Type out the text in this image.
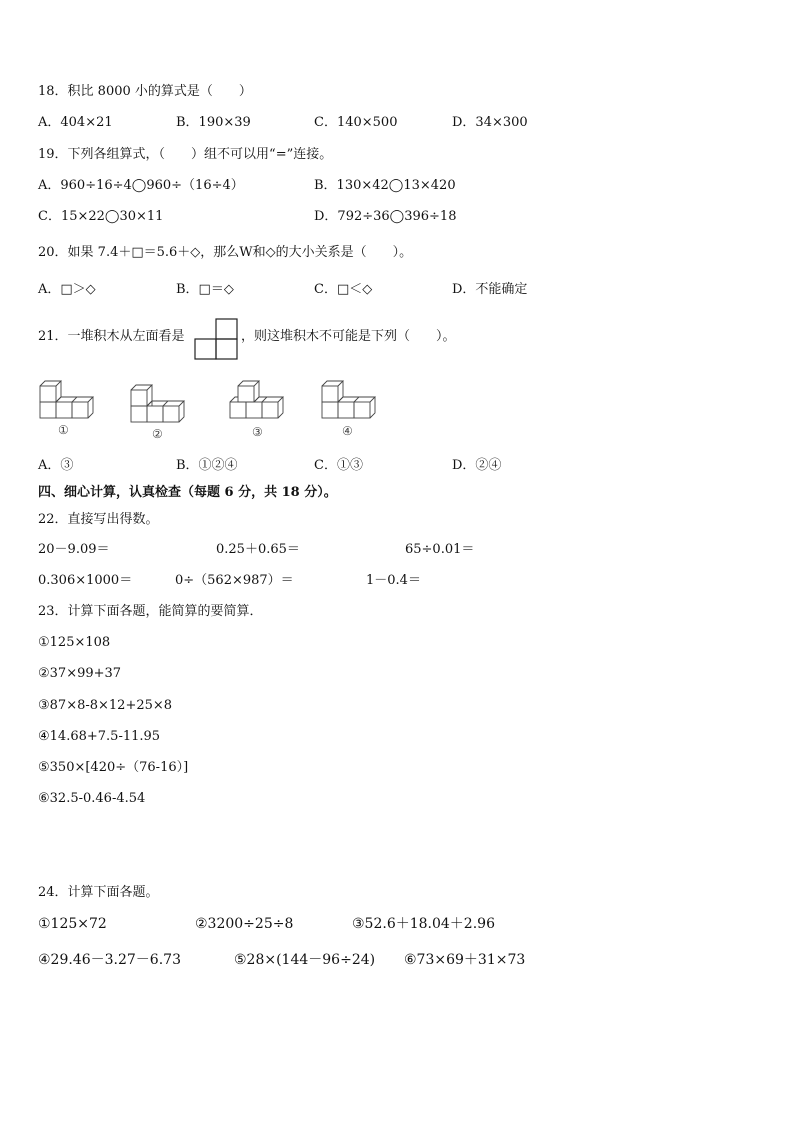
18．积比 8000 小的算式是（　　）
A．404×21	B．190×39	C．140×500	D．34×300
19．下列各组算式，（　　）组不可以用“=”连接。
A．960÷16÷4◯960÷（16÷4）	B．130×42◯13×420
C．15×22◯30×11	D．792÷36◯396÷18
20．如果 7.4＋□＝5.6＋◇，那么W和◇的大小关系是（　　）。
A．□＞◇	B．□＝◇	C．□＜◇	D．不能确定
21．一堆积木从左面看是	，则这堆积木不可能是下列（　　）。
①	②	③	④
A．③	B．①②④	C．①③	D．②④
四、细心计算，认真检查（每题 6 分，共 18 分）。
22．直接写出得数。
20－9.09＝	0.25＋0.65＝	65÷0.01＝
0.306×1000＝	0÷（562×987）＝	1－0.4＝
23．计算下面各题，能简算的要简算．
①125×108
②37×99+37
③87×8-8×12+25×8
④14.68+7.5-11.95
⑤350×[420÷（76-16）]
⑥32.5-0.46-4.54
24．计算下面各题。
①125×72	②3200÷25÷8	③52.6＋18.04＋2.96
④29.46－3.27－6.73	⑤28×(144－96÷24) ⑥73×69＋31×73
